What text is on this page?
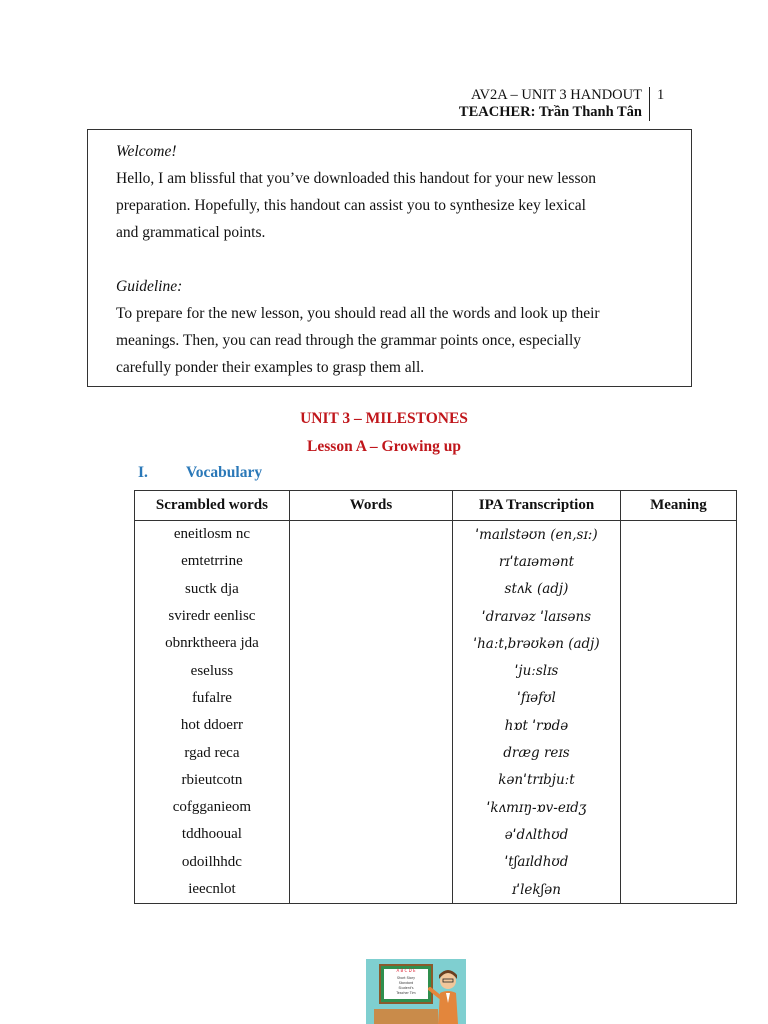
AV2A – UNIT 3 HANDOUT
TEACHER: Trần Thanh Tân
1

Welcome!

Hello, I am blissful that you’ve downloaded this handout for your new lesson

preparation. Hopefully, this handout can assist you to synthesize key lexical

and grammatical points.

Guideline:

To prepare for the new lesson, you should read all the words and look up their

meanings. Then, you can read through the grammar points once, especially

carefully ponder their examples to grasp them all.

UNIT 3 – MILESTONES
Lesson A – Growing up
I. Vocabulary
Scrambled words	Words	IPA Transcription	Meaning
eneitlosm nc		ˈmaɪlstəʊn (en,sɪ:)	
emtetrrine		rɪˈtaɪəmənt	
suctk dja		stʌk (adj)	
sviredr eenlisc		ˈdraɪvəz ˈlaɪsəns	
obnrktheera jda		ˈhaːtˌbrəʊkən (adj)	
eseluss		ˈjuːslɪs	
fufalre		ˈfɪəfʊl	
hot ddoerr		hɒt ˈrɒdə	
rgad reca		dræg reɪs	
rbieutcotn		kənˈtrɪbjuːt	
cofgganieom		ˈkʌmɪŋ-ɒv-eɪdʒ	
tddhooual		əˈdʌlthʊd	
odoilhhdc		ˈtʃaɪldhʊd	
ieecnlot		ɪˈlekʃən	
A B C D E
Short Story
Standard
Student's
Teacher Tim
